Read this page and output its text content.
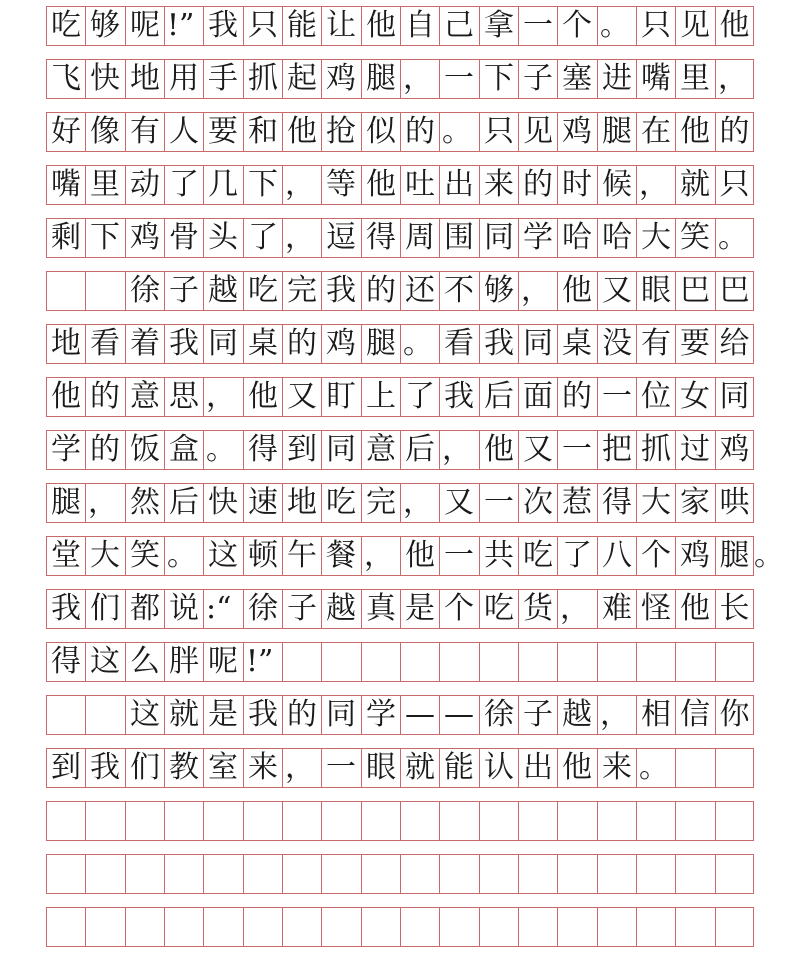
吃 够 呢 !” 我 只 能 让 他 自 己 拿 一 个 。 只 见 他
飞 快 地 用 手 抓 起 鸡 腿 ， 一 下 子 塞 进 嘴 里 ，
好 像 有 人 要 和 他 抢 似 的 。 只 见 鸡 腿 在 他 的
嘴 里 动 了 几 下 ， 等 他 吐 出 来 的 时 候 ， 就 只
剩 下 鸡 骨 头 了 ， 逗 得 周 围 同 学 哈 哈 大 笑 。
徐 子 越 吃 完 我 的 还 不 够 ， 他 又 眼 巴 巴
地 看 着 我 同 桌 的 鸡 腿 。 看 我 同 桌 没 有 要 给
他 的 意 思 ， 他 又 盯 上 了 我 后 面 的 一 位 女 同
学 的 饭 盒 。 得 到 同 意 后 ， 他 又 一 把 抓 过 鸡
腿 ， 然 后 快 速 地 吃 完 ， 又 一 次 惹 得 大 家 哄
堂 大 笑 。 这 顿 午 餐 ， 他 一 共 吃 了 八 个 鸡 腿 。
我 们 都 说 :“ 徐 子 越 真 是 个 吃 货 ， 难 怪 他 长
得 这 么 胖 呢 !”
这 就 是 我 的 同 学 — — 徐 子 越 ， 相 信 你
到 我 们 教 室 来 ， 一 眼 就 能 认 出 他 来 。
